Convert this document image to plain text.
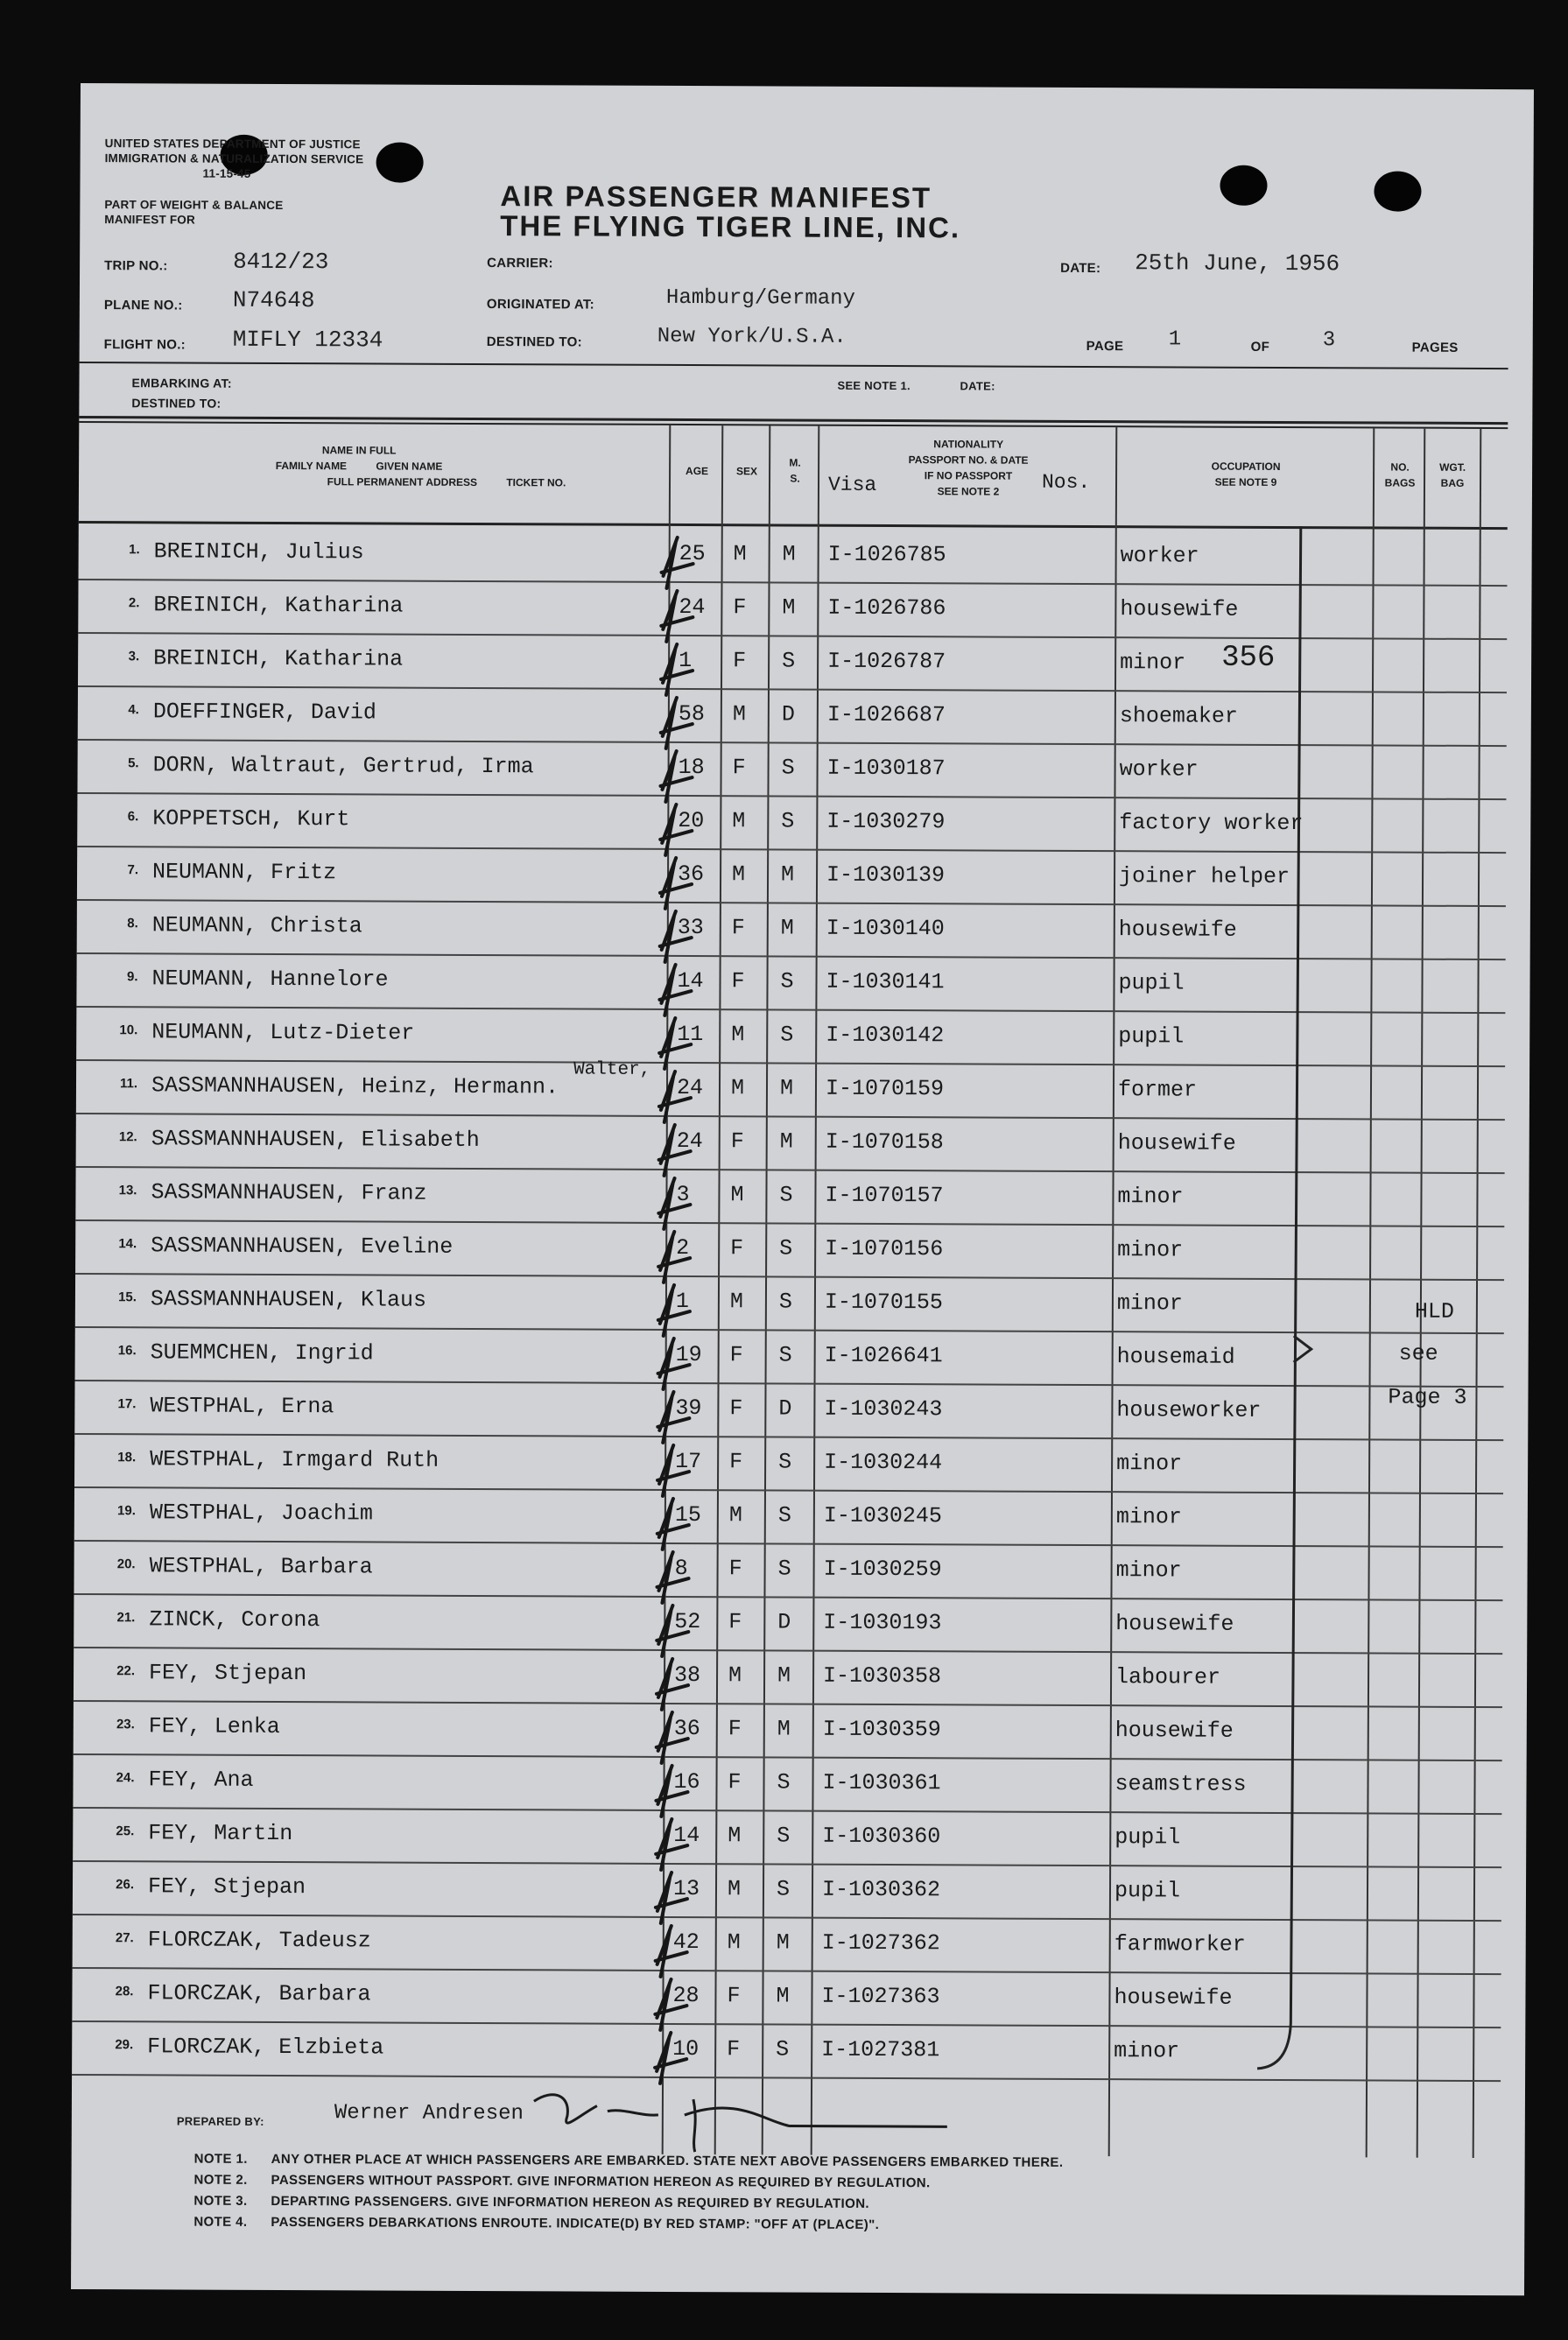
UNITED STATES DEPARTMENT OF JUSTICE
IMMIGRATION & NATURALIZATION SERVICE
11-15-45
PART OF WEIGHT & BALANCE
MANIFEST FOR
AIR PASSENGER MANIFEST
THE FLYING TIGER LINE, INC.
TRIP NO.:	8412/23
PLANE NO.: N74648
FLIGHT NO.: MIFLY 12334
CARRIER:
ORIGINATED AT:	Hamburg/Germany
DESTINED TO:	New York/U.S.A.
DATE: 25th June, 1956
PAGE 1	OF	3	PAGES
EMBARKING AT:
DESTINED TO:
SEE NOTE 1.	DATE:
NAME IN FULL
FAMILY NAME          GIVEN NAME
FULL PERMANENT ADDRESS          TICKET NO.
AGE	SEX
M.
S.
NATIONALITY
PASSPORT NO. & DATE
IF NO PASSPORT
SEE NOTE 2
Visa	Nos.
OCCUPATION
SEE NOTE 9
NO.
BAGS
WGT.
BAG
1. BREINICH, Julius	25 M M I-1026785	worker
2. BREINICH, Katharina	24 F M I-1026786	housewife
3. BREINICH, Katharina	1 F S I-1026787	minor
4. DOEFFINGER, David	58 M D I-1026687	shoemaker
5. DORN, Waltraut, Gertrud, Irma	18 F S I-1030187	worker
6. KOPPETSCH, Kurt	20 M S I-1030279	factory worker
7. NEUMANN, Fritz	36 M M I-1030139	joiner helper
8. NEUMANN, Christa	33 F M I-1030140	housewife
9. NEUMANN, Hannelore	14 F S I-1030141	pupil
10. NEUMANN, Lutz-Dieter	11 M S I-1030142	pupil
11. SASSMANNHAUSEN, Heinz, Hermann.	24 M M I-1070159	former
12. SASSMANNHAUSEN, Elisabeth	24 F M I-1070158	housewife
13. SASSMANNHAUSEN, Franz	3 M S I-1070157	minor
14. SASSMANNHAUSEN, Eveline	2 F S I-1070156	minor
15. SASSMANNHAUSEN, Klaus	1 M S I-1070155	minor
16. SUEMMCHEN, Ingrid	19 F S I-1026641	housemaid
17. WESTPHAL, Erna	39 F D I-1030243	houseworker
18. WESTPHAL, Irmgard Ruth	17 F S I-1030244	minor
19. WESTPHAL, Joachim	15 M S I-1030245	minor
20. WESTPHAL, Barbara	8 F S I-1030259	minor
21. ZINCK, Corona	52 F D I-1030193	housewife
22. FEY, Stjepan	38 M M I-1030358	labourer
23. FEY, Lenka	36 F M I-1030359	housewife
24. FEY, Ana	16 F S I-1030361	seamstress
25. FEY, Martin	14 M S I-1030360	pupil
26. FEY, Stjepan	13 M S I-1030362	pupil
27. FLORCZAK, Tadeusz	42 M M I-1027362	farmworker
28. FLORCZAK, Barbara	28 F M I-1027363	housewife
29. FLORCZAK, Elzbieta	10 F S I-1027381	minor
Walter,
356
HLD
see
Page 3
PREPARED BY:	Werner Andresen
NOTE 1. ANY OTHER PLACE AT WHICH PASSENGERS ARE EMBARKED. STATE NEXT ABOVE PASSENGERS EMBARKED THERE.
NOTE 2. PASSENGERS WITHOUT PASSPORT. GIVE INFORMATION HEREON AS REQUIRED BY REGULATION.
NOTE 3. DEPARTING PASSENGERS. GIVE INFORMATION HEREON AS REQUIRED BY REGULATION.
NOTE 4. PASSENGERS DEBARKATIONS ENROUTE. INDICATE(D) BY RED STAMP: "OFF AT (PLACE)".
